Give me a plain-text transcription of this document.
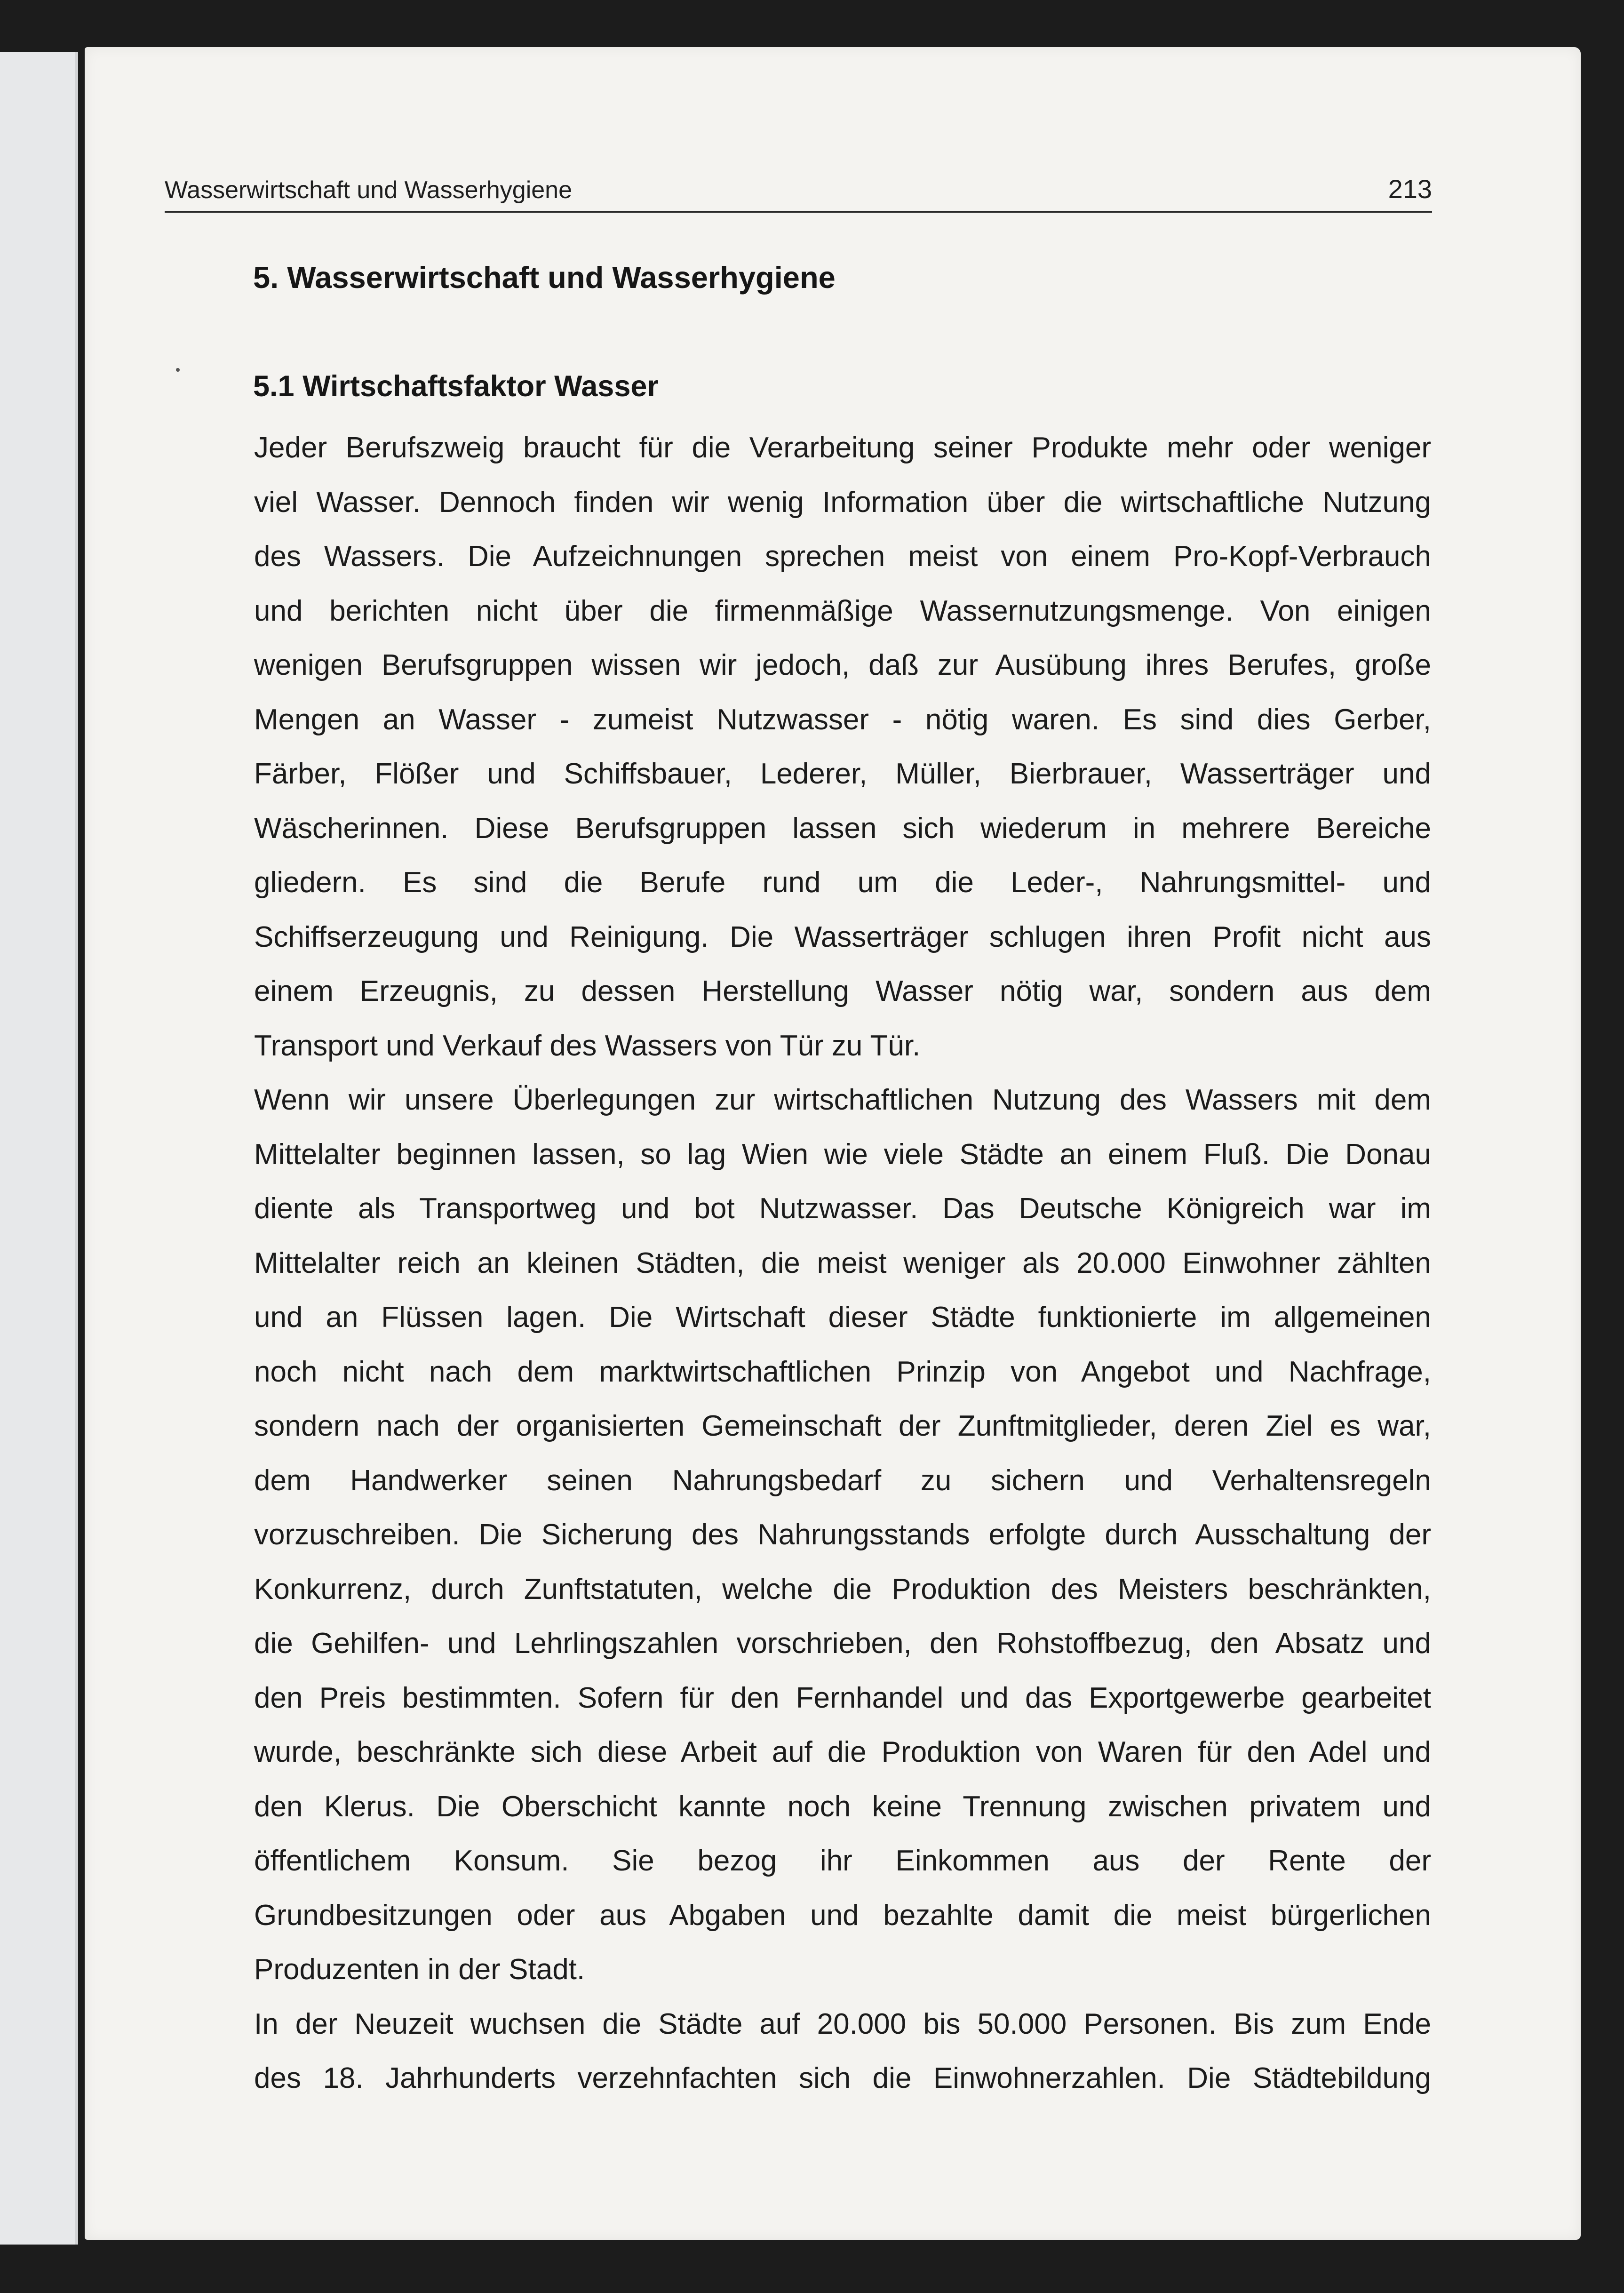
Wasserwirtschaft und Wasserhygiene	213
5. Wasserwirtschaft und Wasserhygiene
5.1 Wirtschaftsfaktor Wasser
Jeder Berufszweig braucht für die Verarbeitung seiner Produkte mehr oder weniger
viel Wasser. Dennoch finden wir wenig Information über die wirtschaftliche Nutzung
des Wassers. Die Aufzeichnungen sprechen meist von einem Pro-Kopf-Verbrauch
und berichten nicht über die firmenmäßige Wassernutzungsmenge. Von einigen
wenigen Berufsgruppen wissen wir jedoch, daß zur Ausübung ihres Berufes, große
Mengen an Wasser - zumeist Nutzwasser - nötig waren. Es sind dies Gerber,
Färber, Flößer und Schiffsbauer, Lederer, Müller, Bierbrauer, Wasserträger und
Wäscherinnen. Diese Berufsgruppen lassen sich wiederum in mehrere Bereiche
gliedern. Es sind die Berufe rund um die Leder-, Nahrungsmittel- und
Schiffserzeugung und Reinigung. Die Wasserträger schlugen ihren Profit nicht aus
einem Erzeugnis, zu dessen Herstellung Wasser nötig war, sondern aus dem
Transport und Verkauf des Wassers von Tür zu Tür.
Wenn wir unsere Überlegungen zur wirtschaftlichen Nutzung des Wassers mit dem
Mittelalter beginnen lassen, so lag Wien wie viele Städte an einem Fluß. Die Donau
diente als Transportweg und bot Nutzwasser. Das Deutsche Königreich war im
Mittelalter reich an kleinen Städten, die meist weniger als 20.000 Einwohner zählten
und an Flüssen lagen. Die Wirtschaft dieser Städte funktionierte im allgemeinen
noch nicht nach dem marktwirtschaftlichen Prinzip von Angebot und Nachfrage,
sondern nach der organisierten Gemeinschaft der Zunftmitglieder, deren Ziel es war,
dem Handwerker seinen Nahrungsbedarf zu sichern und Verhaltensregeln
vorzuschreiben. Die Sicherung des Nahrungsstands erfolgte durch Ausschaltung der
Konkurrenz, durch Zunftstatuten, welche die Produktion des Meisters beschränkten,
die Gehilfen- und Lehrlingszahlen vorschrieben, den Rohstoffbezug, den Absatz und
den Preis bestimmten. Sofern für den Fernhandel und das Exportgewerbe gearbeitet
wurde, beschränkte sich diese Arbeit auf die Produktion von Waren für den Adel und
den Klerus. Die Oberschicht kannte noch keine Trennung zwischen privatem und
öffentlichem Konsum. Sie bezog ihr Einkommen aus der Rente der
Grundbesitzungen oder aus Abgaben und bezahlte damit die meist bürgerlichen
Produzenten in der Stadt.
In der Neuzeit wuchsen die Städte auf 20.000 bis 50.000 Personen. Bis zum Ende
des 18. Jahrhunderts verzehnfachten sich die Einwohnerzahlen. Die Städtebildung
